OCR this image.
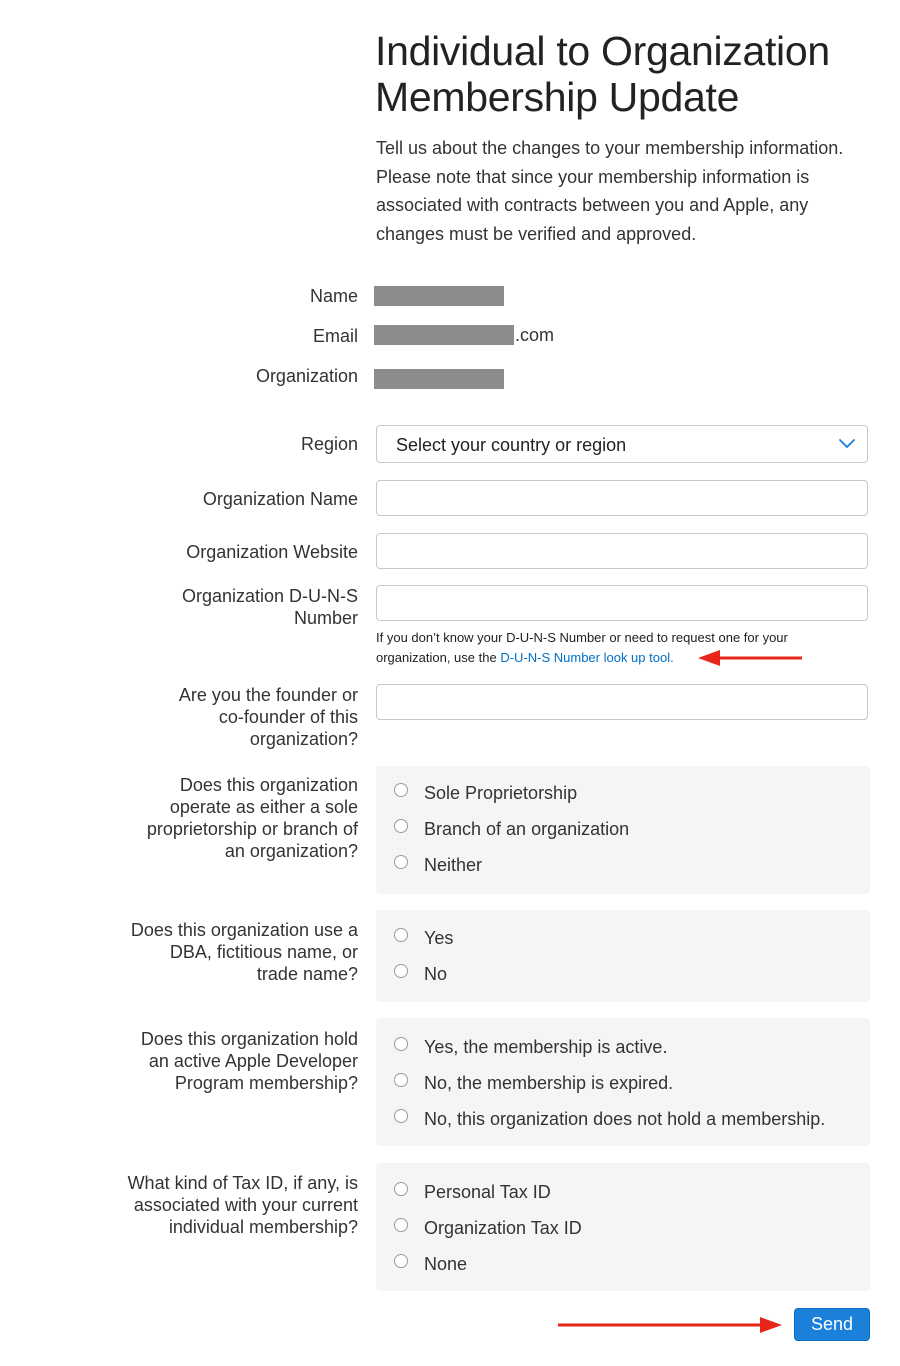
Individual to Organization Membership Update

Tell us about the changes to your membership information. Please note that since your membership information is associated with contracts between you and Apple, any changes must be verified and approved.

Name
Email	.com
Organization
Region Select your country or region
Organization Name
Organization Website
Organization D-U-N-S
Number
If you don’t know your D-U-N-S Number or need to request one for your
organization, use the D-U-N-S Number look up tool.
Are you the founder or
co-founder of this
organization?
Does this organization
operate as either a sole
proprietorship or branch of
an organization?
Sole Proprietorship
Branch of an organization
Neither
Does this organization use a
DBA, fictitious name, or
trade name?
Yes
No
Does this organization hold
an active Apple Developer
Program membership?
Yes, the membership is active.
No, the membership is expired.
No, this organization does not hold a membership.
What kind of Tax ID, if any, is
associated with your current
individual membership?
Personal Tax ID
Organization Tax ID
None
Send
